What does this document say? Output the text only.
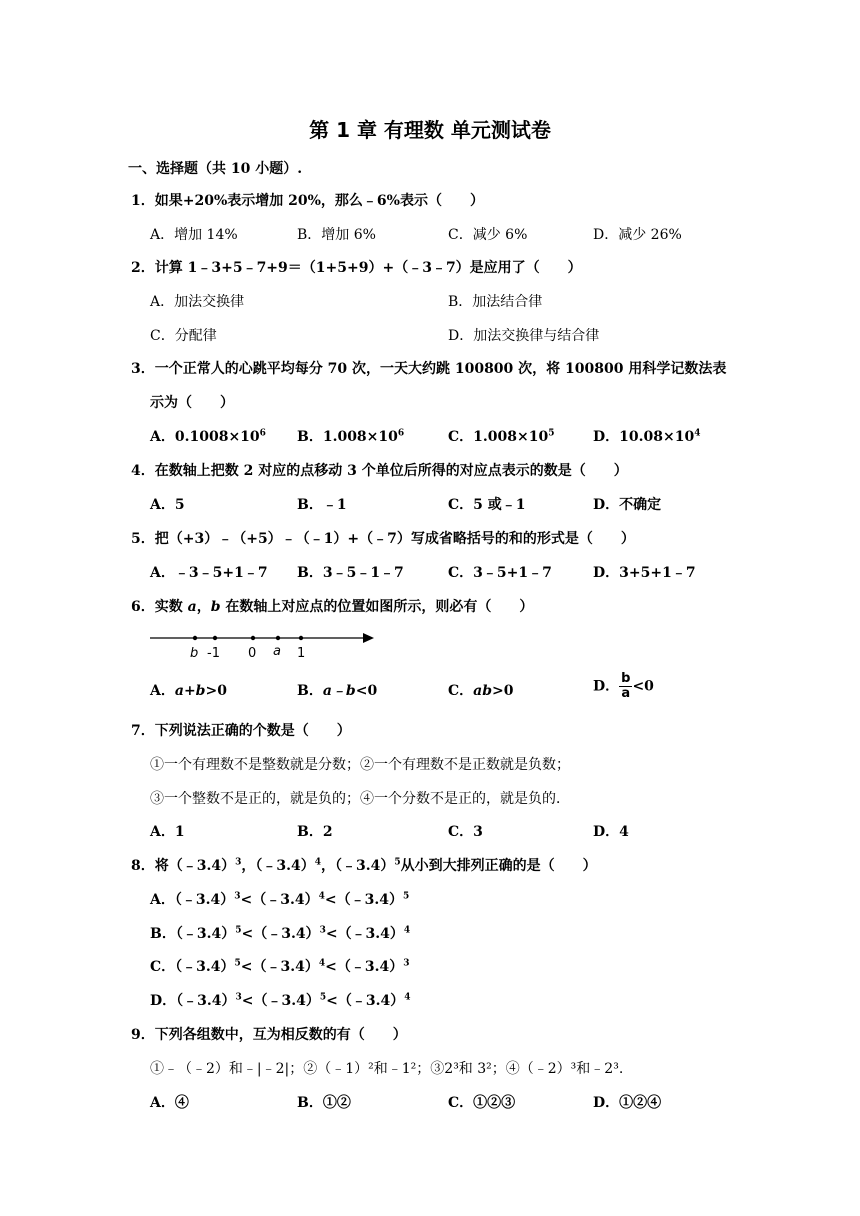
第 1 章 有理数 单元测试卷
一、选择题（共 10 小题）.
1．如果+20%表示增加 20%，那么﹣6%表示（　　）
A．增加 14%	B．增加 6%	C．减少 6%	D．减少 26%
2．计算 1﹣3+5﹣7+9＝（1+5+9）+（﹣3﹣7）是应用了（　　）
A．加法交换律	B．加法结合律
C．分配律	D．加法交换律与结合律
3．一个正常人的心跳平均每分 70 次，一天大约跳 100800 次，将 100800 用科学记数法表
示为（　　）
A．$0.1008\times 10^6$ B．$1.008\times 10^6$	C．$1.008\times 10^5$	D．$10.08\times 10^4$
4．在数轴上把数 2 对应的点移动 3 个单位后所得的对应点表示的数是（　　）
A．5	B．﹣1	C．5 或﹣1	D．不确定
5．把（+3）﹣（+5）﹣（﹣1）+（﹣7）写成省略括号的和的形式是（　　）
A．﹣3﹣5+1﹣7 B．3﹣5﹣1﹣7	C．3﹣5+1﹣7	D．3+5+1﹣7
6．实数 a，b 在数轴上对应点的位置如图所示，则必有（　　）
b -1 0 a 1
A．a+b>0	B．a﹣b<0	C．ab>0	D． $\frac{b}{a} <0$
7．下列说法正确的个数是（　　）
①一个有理数不是整数就是分数；②一个有理数不是正数就是负数；
③一个整数不是正的，就是负的；④一个分数不是正的，就是负的．
A．1	B．2	C．3	D．4
8．将（﹣3.4）$^3$，（﹣3.4）$^4$，（﹣3.4）$^5$从小到大排列正确的是（　　）
A．（﹣3.4）$^3$<（﹣3.4）$^4$<（﹣3.4）$^5$
B．（﹣3.4）$^5$<（﹣3.4）$^3$<（﹣3.4）$^4$
C．（﹣3.4）$^5$<（﹣3.4）$^4$<（﹣3.4）$^3$
D．（﹣3.4）$^3$<（﹣3.4）$^5$<（﹣3.4）$^4$
9．下列各组数中，互为相反数的有（　　）
①﹣（﹣2）和﹣|﹣2|；②（﹣1）²和﹣1²；③2³和 3²；④（﹣2）³和﹣2³.
A．④	B．①②	C．①②③	D．①②④
